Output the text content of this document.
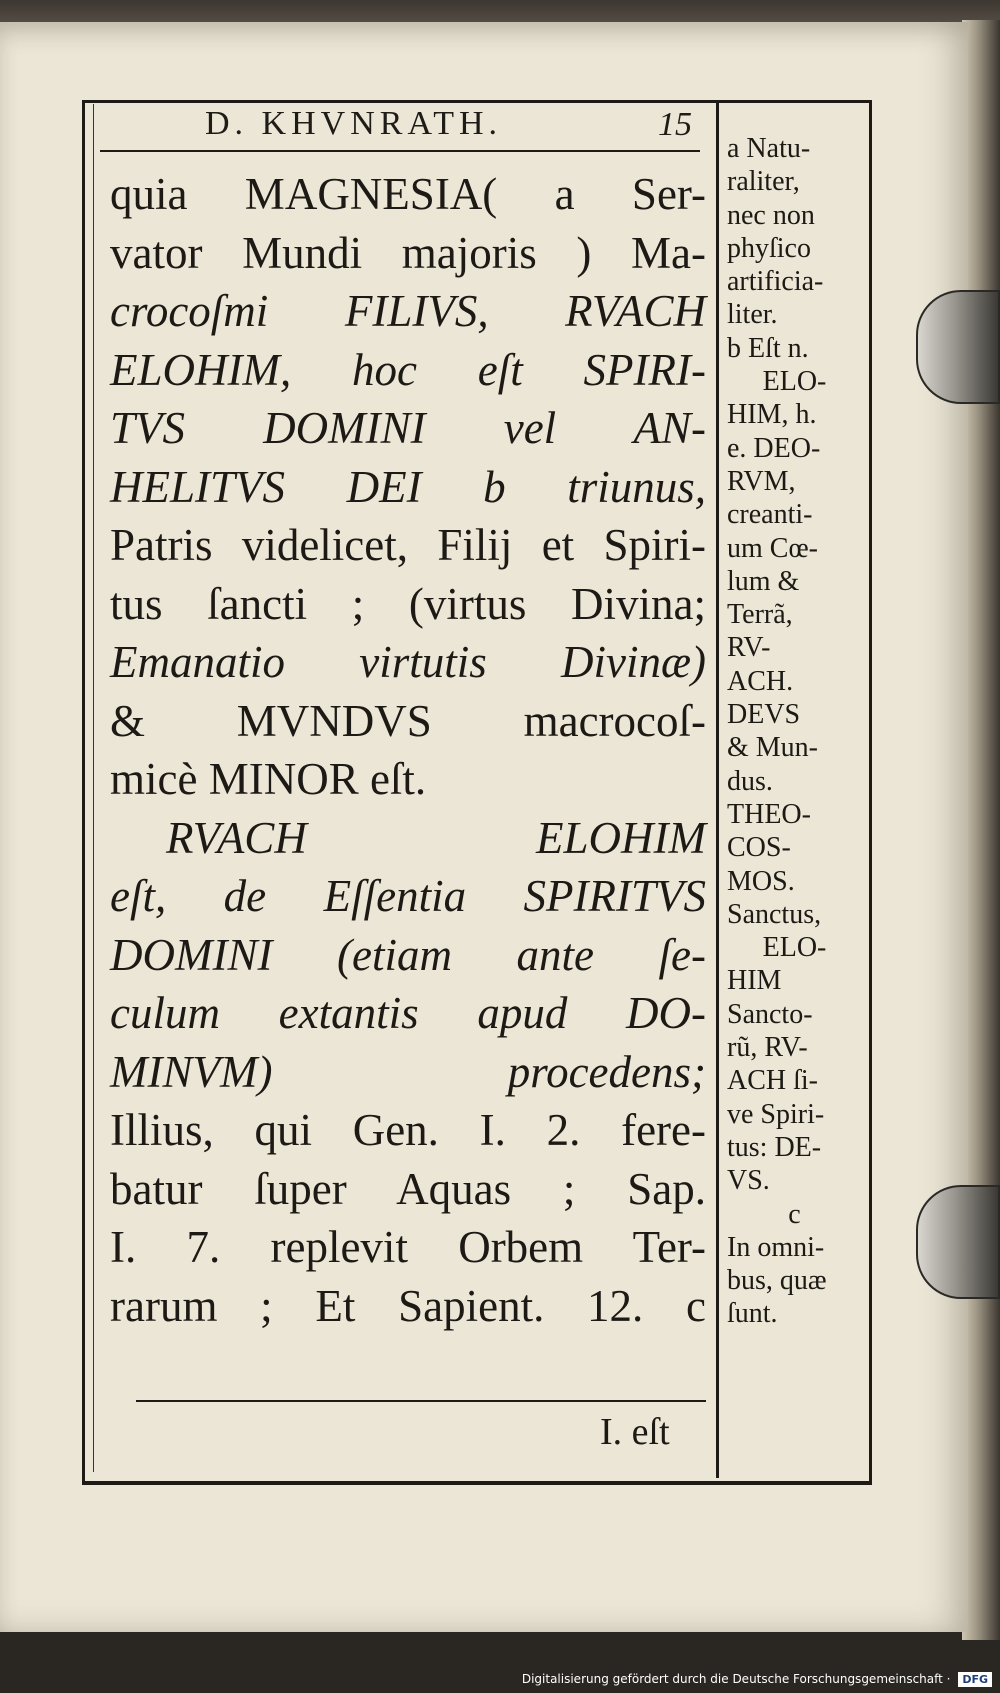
D. KHVNRATH.	15
quia MAGNESIA( a Ser-
vator Mundi majoris ) Ma-
crocoſmi FILIVS, RVACH
ELOHIM, hoc eſt SPIRI-
TVS DOMINI vel AN-
HELITVS DEI b triunus,
Patris videlicet, Filij et Spiri-
tus ſancti ; (virtus Divina;
Emanatio virtutis Divinæ)
& MVNDVS macrocoſ-
micè MINOR eſt.
RVACH ELOHIM
eſt, de Eſſentia SPIRITVS
DOMINI (etiam ante ſe-
culum extantis apud DO-
MINVM) procedens;
Illius, qui Gen. I. 2. fere-
batur ſuper Aquas ; Sap.
I. 7. replevit Orbem Ter-
rarum ; Et Sapient. 12. c
I. eſt
a Natu-
raliter,
nec non
phyſico
artificia-
liter.
b Eſt n.
ELO-
HIM, h.
e. DEO-
RVM,
creanti-
um Cœ-
lum &
Terrã,
RV-
ACH.
DEVS
& Mun-
dus.
THEO-
COS-
MOS.
Sanctus,
ELO-
HIM
Sancto-
rũ, RV-
ACH ſi-
ve Spiri-
tus: DE-
VS.
c
In omni-
bus, quæ
ſunt.
Digitalisierung gefördert durch die Deutsche Forschungsgemeinschaft · DFG
